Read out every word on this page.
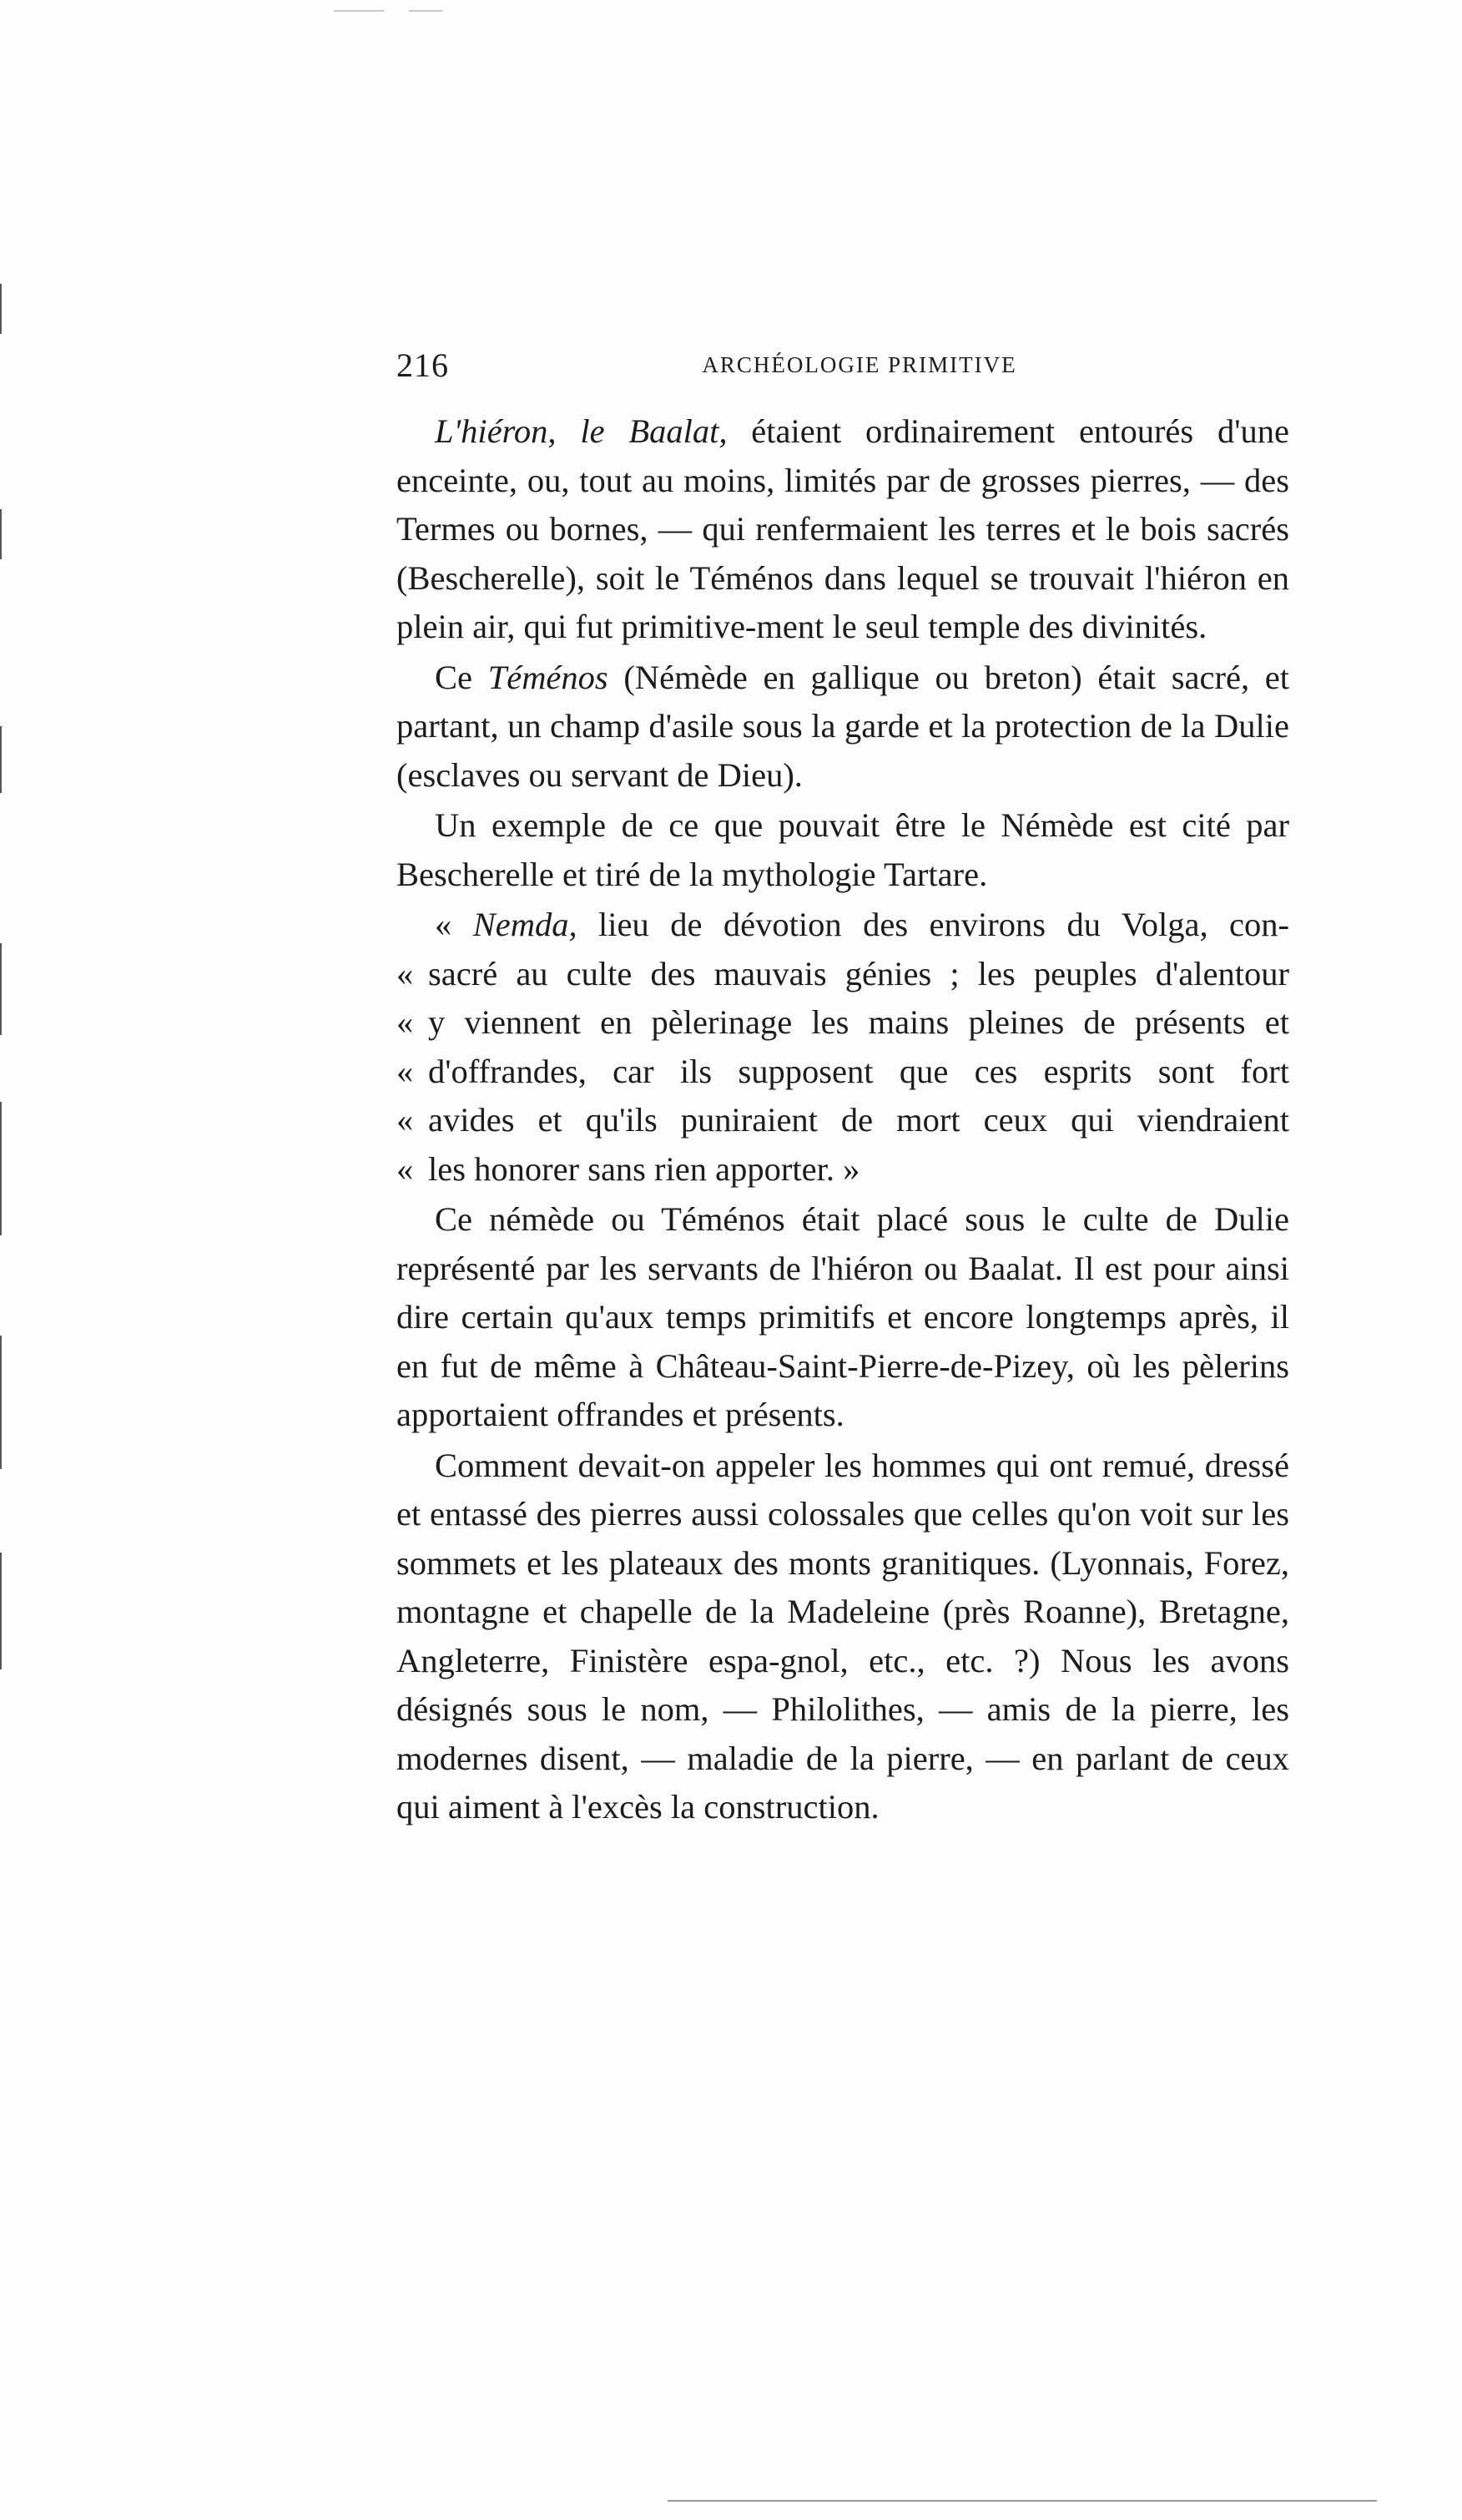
216	ARCHÉOLOGIE PRIMITIVE

L'hiéron, le Baalat, étaient ordinairement entourés d'une enceinte, ou, tout au moins, limités par de grosses pierres, — des Termes ou bornes, — qui renfermaient les terres et le bois sacrés (Bescherelle), soit le Téménos dans lequel se trouvait l'hiéron en plein air, qui fut primitive-ment le seul temple des divinités.

Ce Téménos (Némède en gallique ou breton) était sacré, et partant, un champ d'asile sous la garde et la protection de la Dulie (esclaves ou servant de Dieu).

Un exemple de ce que pouvait être le Némède est cité par Bescherelle et tiré de la mythologie Tartare.

« Nemda, lieu de dévotion des environs du Volga, con-
« sacré au culte des mauvais génies ; les peuples d'alentour
« y viennent en pèlerinage les mains pleines de présents et
« d'offrandes, car ils supposent que ces esprits sont fort
« avides et qu'ils puniraient de mort ceux qui viendraient
« les honorer sans rien apporter. »

Ce némède ou Téménos était placé sous le culte de Dulie représenté par les servants de l'hiéron ou Baalat. Il est pour ainsi dire certain qu'aux temps primitifs et encore longtemps après, il en fut de même à Château-Saint-Pierre-de-Pizey, où les pèlerins apportaient offrandes et présents.

Comment devait-on appeler les hommes qui ont remué, dressé et entassé des pierres aussi colossales que celles qu'on voit sur les sommets et les plateaux des monts granitiques. (Lyonnais, Forez, montagne et chapelle de la Madeleine (près Roanne), Bretagne, Angleterre, Finistère espa-gnol, etc., etc. ?) Nous les avons désignés sous le nom, — Philolithes, — amis de la pierre, les modernes disent, — maladie de la pierre, — en parlant de ceux qui aiment à l'excès la construction.
